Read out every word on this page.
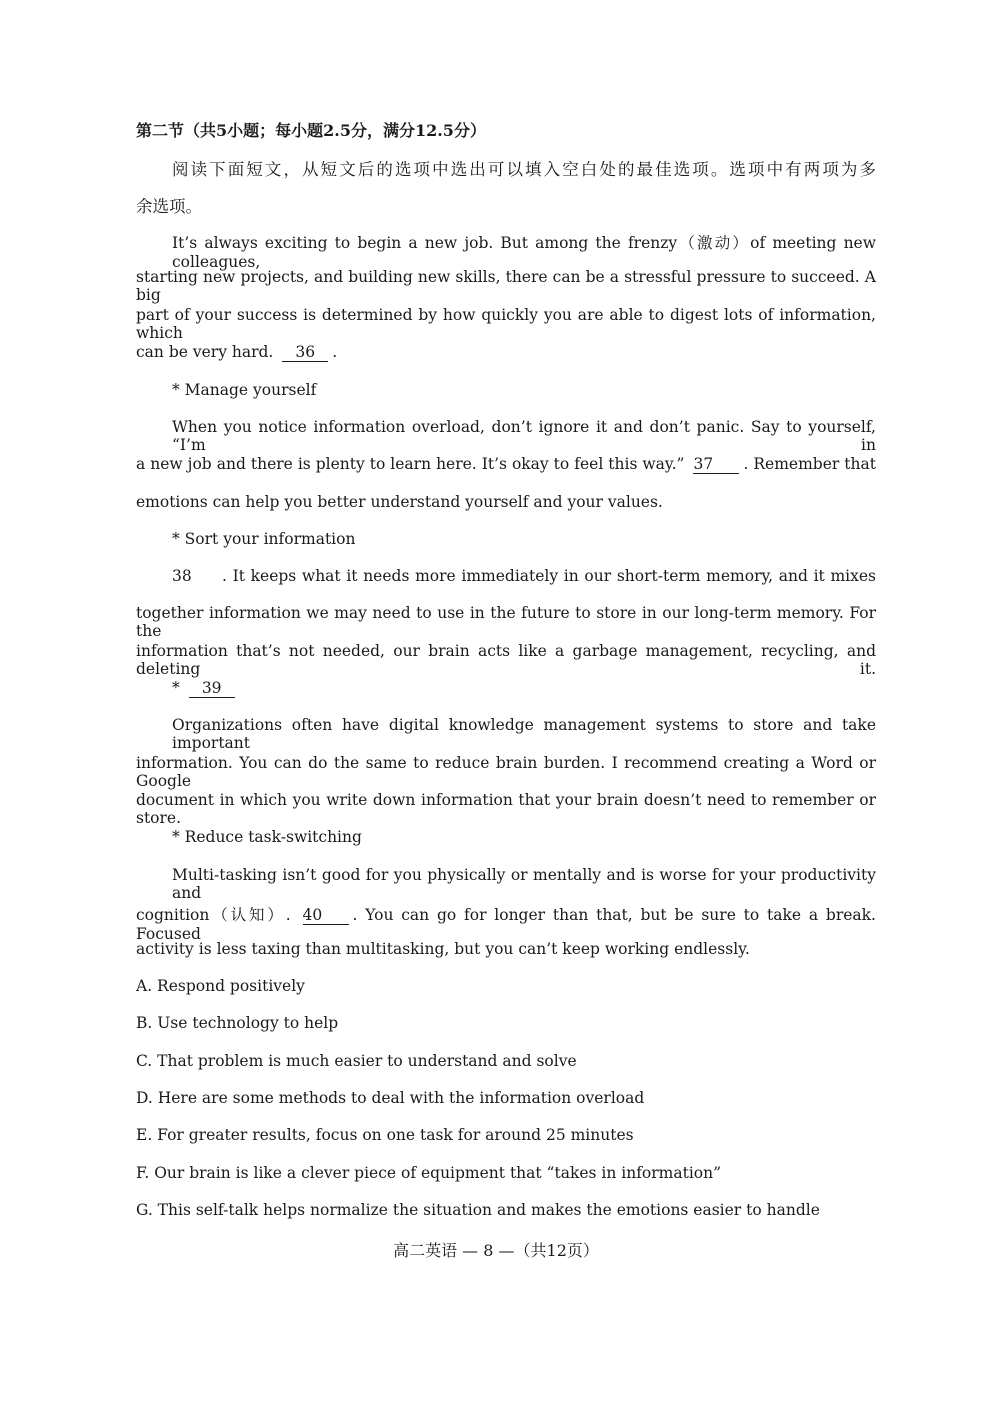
第二节（共5小题；每小题2.5分，满分12.5分）
阅读下面短文，从短文后的选项中选出可以填入空白处的最佳选项。选项中有两项为多
余选项。
It’s always exciting to begin a new job. But among the frenzy（激动）of meeting new colleagues,
starting new projects, and building new skills, there can be a stressful pressure to succeed. A big
part of your success is determined by how quickly you are able to digest lots of information, which
can be very hard. 36 .
* Manage yourself
When you notice information overload, don’t ignore it and don’t panic. Say to yourself, “I’m in
a new job and there is plenty to learn here. It’s okay to feel this way.” 37 . Remember that
emotions can help you better understand yourself and your values.
* Sort your information
38 . It keeps what it needs more immediately in our short-term memory, and it mixes
together information we may need to use in the future to store in our long-term memory. For the
information that’s not needed, our brain acts like a garbage management, recycling, and deleting it.
* 39
Organizations often have digital knowledge management systems to store and take important
information. You can do the same to reduce brain burden. I recommend creating a Word or Google
document in which you write down information that your brain doesn’t need to remember or store.
* Reduce task-switching
Multi-tasking isn’t good for you physically or mentally and is worse for your productivity and
cognition（认知）. 40 . You can go for longer than that, but be sure to take a break. Focused
activity is less taxing than multitasking, but you can’t keep working endlessly.
A. Respond positively
B. Use technology to help
C. That problem is much easier to understand and solve
D. Here are some methods to deal with the information overload
E. For greater results, focus on one task for around 25 minutes
F. Our brain is like a clever piece of equipment that “takes in information”
G. This self-talk helps normalize the situation and makes the emotions easier to handle
高二英语 — 8 —（共12页）
